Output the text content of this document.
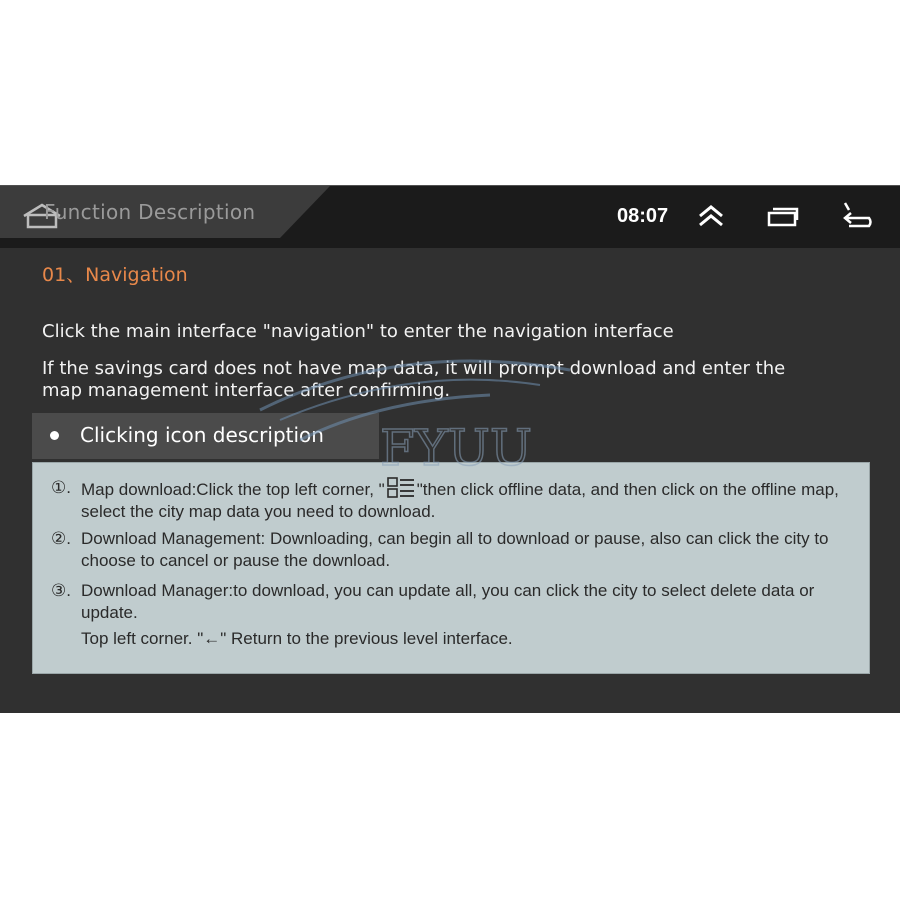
Function Description	08:07
01、Navigation
Click the main interface "navigation" to enter the navigation interface
If the savings card does not have map data, it will prompt download and enter the
map management interface after confirming.
Clicking icon description
①. Map download:Click the top left corner, " "then click offline data, and then click on the offline map, select the city map data you need to download.
②. Download Management: Downloading, can begin all to download or pause, also can click the city to choose to cancel or pause the download.
③. Download Manager:to download, you can update all, you can click the city to select delete data or update.
Top left corner. "←" Return to the previous level interface.
FYUU
